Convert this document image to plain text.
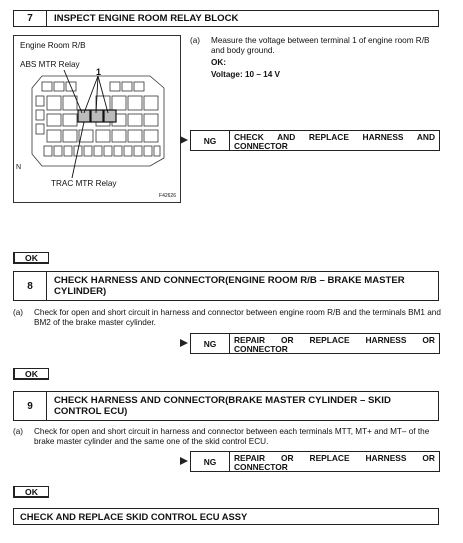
7	INSPECT ENGINE ROOM RELAY BLOCK
Engine Room R/B
ABS MTR Relay
1
N
TRAC MTR Relay
F42626
(a) Measure the voltage between terminal 1 of engine room R/B and body ground.
OK:
Voltage: 10 – 14 V
NG	CHECK AND REPLACE HARNESS AND
CONNECTOR
OK
8	CHECK HARNESS AND CONNECTOR(ENGINE ROOM R/B – BRAKE MASTER CYLINDER)
(a) Check for open and short circuit in harness and connector between engine room R/B and the terminals BM1 and BM2 of the brake master cylinder.
NG	REPAIR OR REPLACE HARNESS OR
CONNECTOR
OK
9	CHECK HARNESS AND CONNECTOR(BRAKE MASTER CYLINDER – SKID CONTROL ECU)
(a) Check for open and short circuit in harness and connector between each terminals MTT, MT+ and MT– of the brake master cylinder and the same one of the skid control ECU.
NG	REPAIR OR REPLACE HARNESS OR
CONNECTOR
OK
CHECK AND REPLACE SKID CONTROL ECU ASSY
